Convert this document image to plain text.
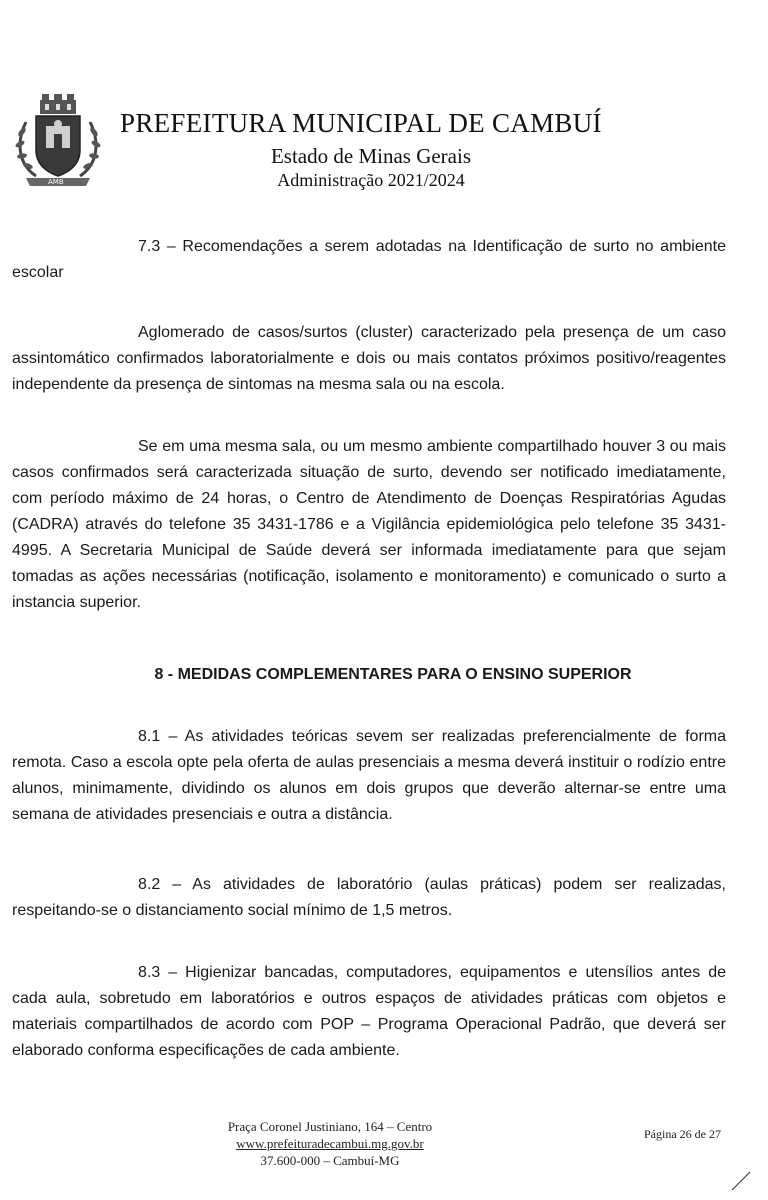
AMB
PREFEITURA MUNICIPAL DE CAMBUÍ
Estado de Minas Gerais
Administração 2021/2024

7.3 – Recomendações a serem adotadas na Identificação de surto no ambiente escolar

Aglomerado de casos/surtos (cluster) caracterizado pela presença de um caso assintomático confirmados laboratorialmente e dois ou mais contatos próximos positivo/reagentes independente da presença de sintomas na mesma sala ou na escola.

Se em uma mesma sala, ou um mesmo ambiente compartilhado houver 3 ou mais casos confirmados será caracterizada situação de surto, devendo ser notificado imediatamente, com período máximo de 24 horas, o Centro de Atendimento de Doenças Respiratórias Agudas (CADRA) através do telefone 35 3431-1786 e a Vigilância epidemiológica pelo telefone 35 3431-4995. A Secretaria Municipal de Saúde deverá ser informada imediatamente para que sejam tomadas as ações necessárias (notificação, isolamento e monitoramento) e comunicado o surto a instancia superior.

8 - MEDIDAS COMPLEMENTARES PARA O ENSINO SUPERIOR

8.1 – As atividades teóricas sevem ser realizadas preferencialmente de forma remota. Caso a escola opte pela oferta de aulas presenciais a mesma deverá instituir o rodízio entre alunos, minimamente, dividindo os alunos em dois grupos que deverão alternar-se entre uma semana de atividades presenciais e outra a distância.

8.2 – As atividades de laboratório (aulas práticas) podem ser realizadas, respeitando-se o distanciamento social mínimo de 1,5 metros.

8.3 – Higienizar bancadas, computadores, equipamentos e utensílios antes de cada aula, sobretudo em laboratórios e outros espaços de atividades práticas com objetos e materiais compartilhados de acordo com POP – Programa Operacional Padrão, que deverá ser elaborado conforma especificações de cada ambiente.

Praça Coronel Justiniano, 164 – Centro
www.prefeituradecambui.mg.gov.br
37.600-000 – Cambuí-MG
Página 26 de 27
